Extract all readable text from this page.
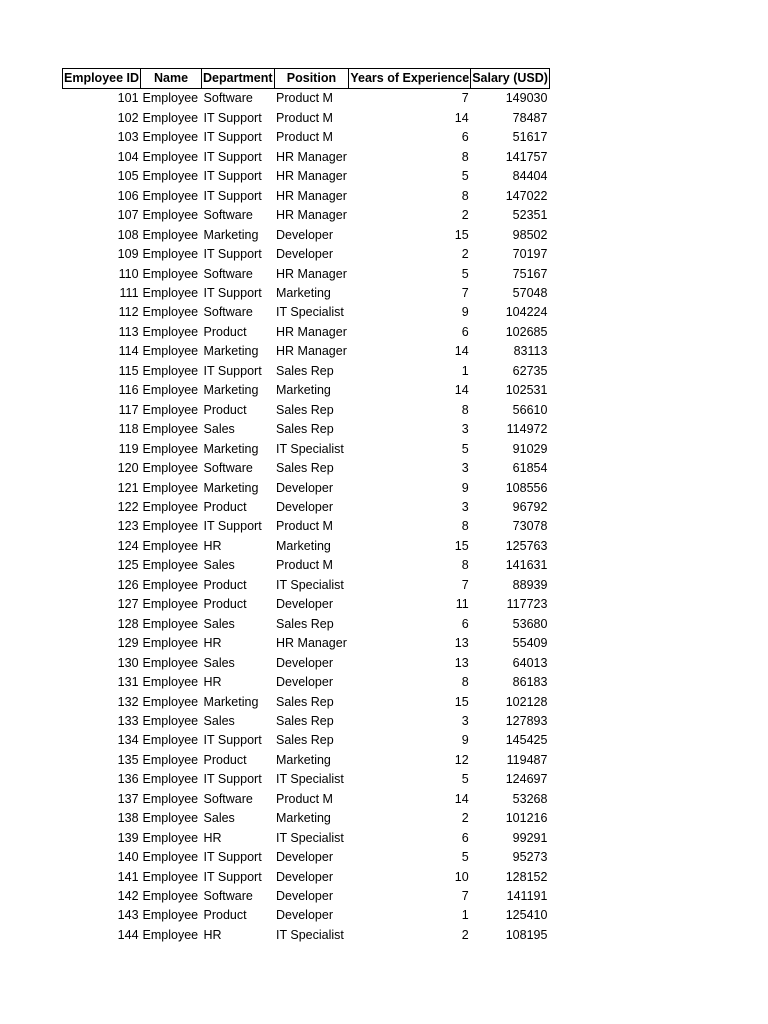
Employee ID	Name	Department	Position	Years of Experience	Salary (USD)
101	Employee	Software	Product M	7	149030
102	Employee	IT Support	Product M	14	78487
103	Employee	IT Support	Product M	6	51617
104	Employee	IT Support	HR Manager	8	141757
105	Employee	IT Support	HR Manager	5	84404
106	Employee	IT Support	HR Manager	8	147022
107	Employee	Software	HR Manager	2	52351
108	Employee	Marketing	Developer	15	98502
109	Employee	IT Support	Developer	2	70197
110	Employee	Software	HR Manager	5	75167
111	Employee	IT Support	Marketing	7	57048
112	Employee	Software	IT Specialist	9	104224
113	Employee	Product	HR Manager	6	102685
114	Employee	Marketing	HR Manager	14	83113
115	Employee	IT Support	Sales Rep	1	62735
116	Employee	Marketing	Marketing	14	102531
117	Employee	Product	Sales Rep	8	56610
118	Employee	Sales	Sales Rep	3	114972
119	Employee	Marketing	IT Specialist	5	91029
120	Employee	Software	Sales Rep	3	61854
121	Employee	Marketing	Developer	9	108556
122	Employee	Product	Developer	3	96792
123	Employee	IT Support	Product M	8	73078
124	Employee	HR	Marketing	15	125763
125	Employee	Sales	Product M	8	141631
126	Employee	Product	IT Specialist	7	88939
127	Employee	Product	Developer	11	117723
128	Employee	Sales	Sales Rep	6	53680
129	Employee	HR	HR Manager	13	55409
130	Employee	Sales	Developer	13	64013
131	Employee	HR	Developer	8	86183
132	Employee	Marketing	Sales Rep	15	102128
133	Employee	Sales	Sales Rep	3	127893
134	Employee	IT Support	Sales Rep	9	145425
135	Employee	Product	Marketing	12	119487
136	Employee	IT Support	IT Specialist	5	124697
137	Employee	Software	Product M	14	53268
138	Employee	Sales	Marketing	2	101216
139	Employee	HR	IT Specialist	6	99291
140	Employee	IT Support	Developer	5	95273
141	Employee	IT Support	Developer	10	128152
142	Employee	Software	Developer	7	141191
143	Employee	Product	Developer	1	125410
144	Employee	HR	IT Specialist	2	108195
